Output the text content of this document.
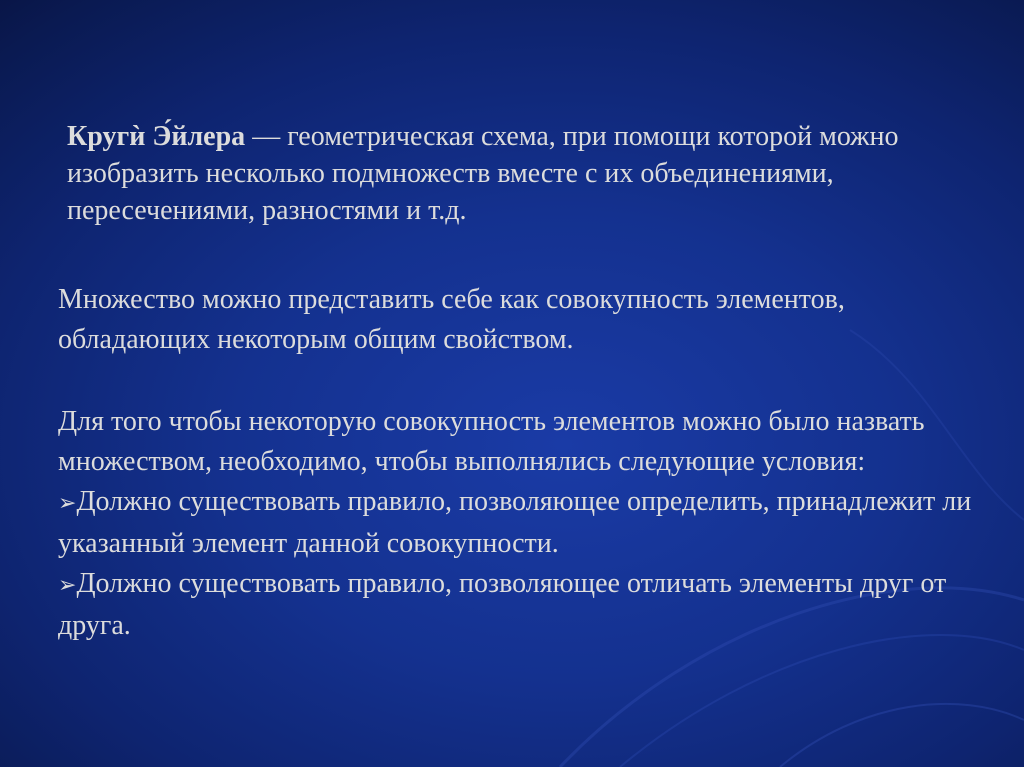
Кругѝ Э́йлера — геометрическая схема, при помощи которой можно изобразить несколько подмножеств вместе с их объединениями, пересечениями, разностями и т.д.
Множество можно представить себе как совокупность элементов, обладающих некоторым общим свойством.
Для того чтобы некоторую совокупность элементов можно было назвать множеством, необходимо, чтобы выполнялись следующие условия:
➢Должно существовать правило, позволяющее определить, принадлежит ли указанный элемент данной совокупности.
➢Должно существовать правило, позволяющее отличать элементы друг от друга.
